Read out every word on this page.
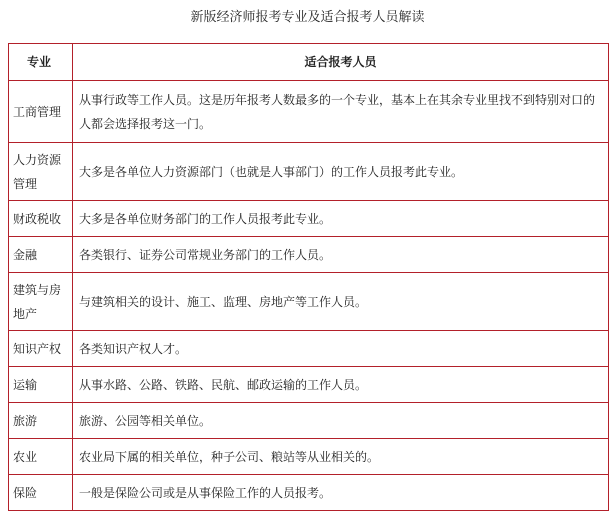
新版经济师报考专业及适合报考人员解读
专业	适合报考人员
工商管理	从事行政等工作人员。这是历年报考人数最多的一个专业，基本上在其余专业里找不到特别对口的人都会选择报考这一门。
人力资源管理	大多是各单位人力资源部门（也就是人事部门）的工作人员报考此专业。
财政税收	大多是各单位财务部门的工作人员报考此专业。
金融	各类银行、证券公司常规业务部门的工作人员。
建筑与房地产	与建筑相关的设计、施工、监理、房地产等工作人员。
知识产权	各类知识产权人才。
运输	从事水路、公路、铁路、民航、邮政运输的工作人员。
旅游	旅游、公园等相关单位。
农业	农业局下属的相关单位，种子公司、粮站等从业相关的。
保险	一般是保险公司或是从事保险工作的人员报考。
